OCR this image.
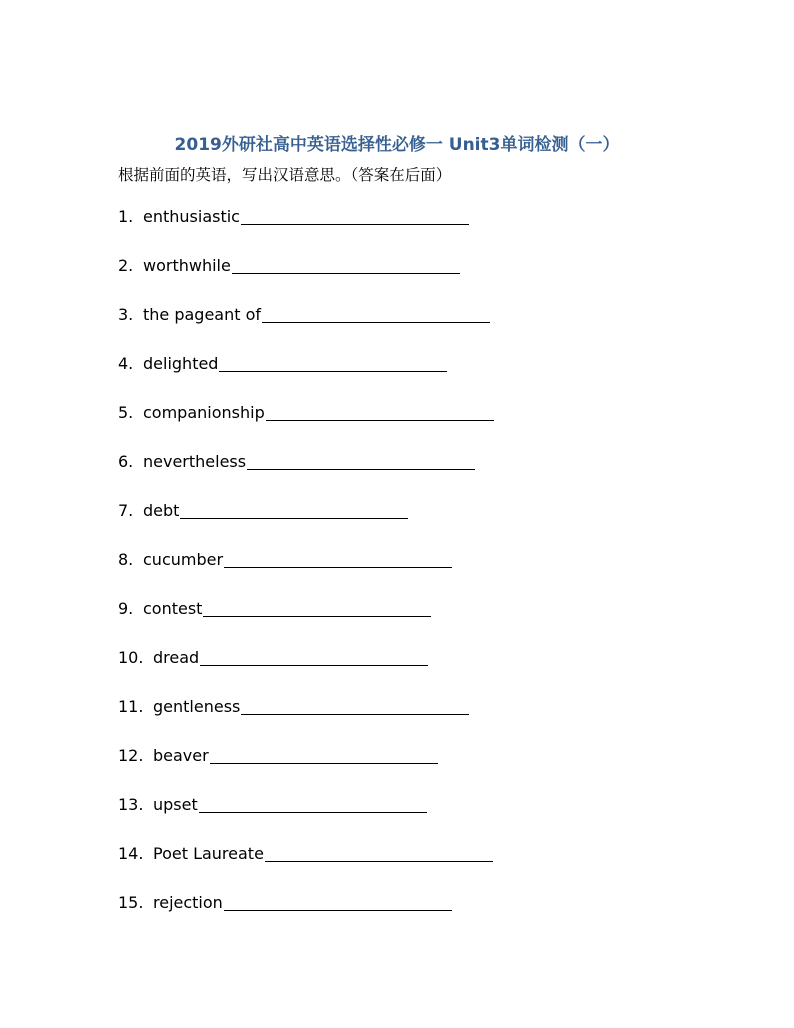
2019外研社高中英语选择性必修一 Unit3单词检测（一）
根据前面的英语，写出汉语意思。（答案在后面）
1. enthusiastic
2. worthwhile
3. the pageant of
4. delighted
5. companionship
6. nevertheless
7. debt
8. cucumber
9. contest
10. dread
11. gentleness
12. beaver
13. upset
14. Poet Laureate
15. rejection
